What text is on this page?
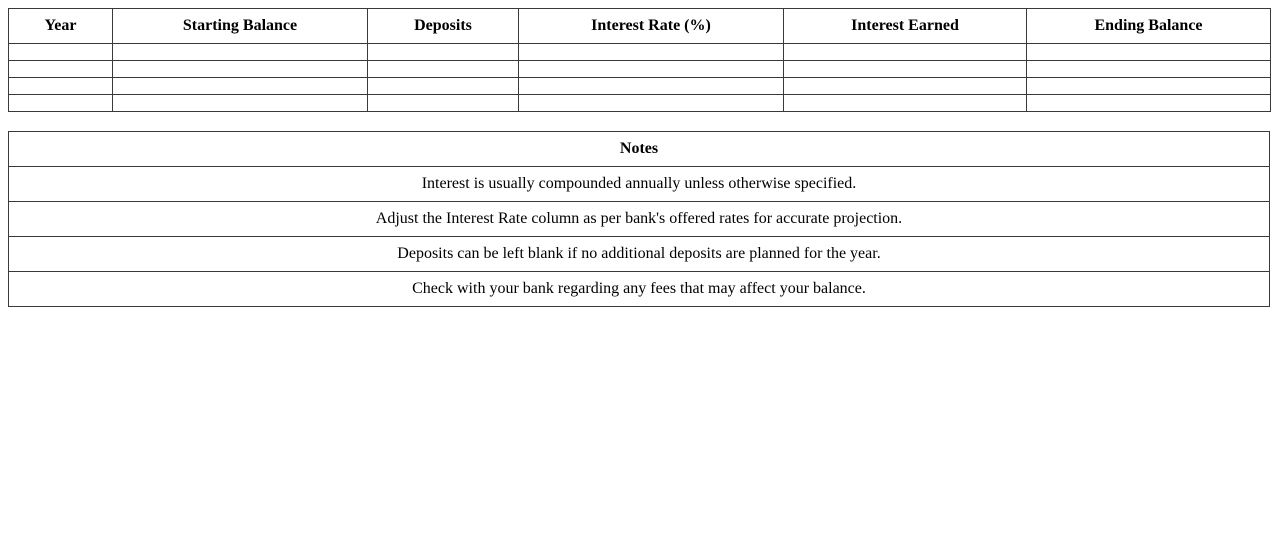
Year	Starting Balance	Deposits	Interest Rate (%)	Interest Earned	Ending Balance

Notes
Interest is usually compounded annually unless otherwise specified.
Adjust the Interest Rate column as per bank's offered rates for accurate projection.
Deposits can be left blank if no additional deposits are planned for the year.
Check with your bank regarding any fees that may affect your balance.
